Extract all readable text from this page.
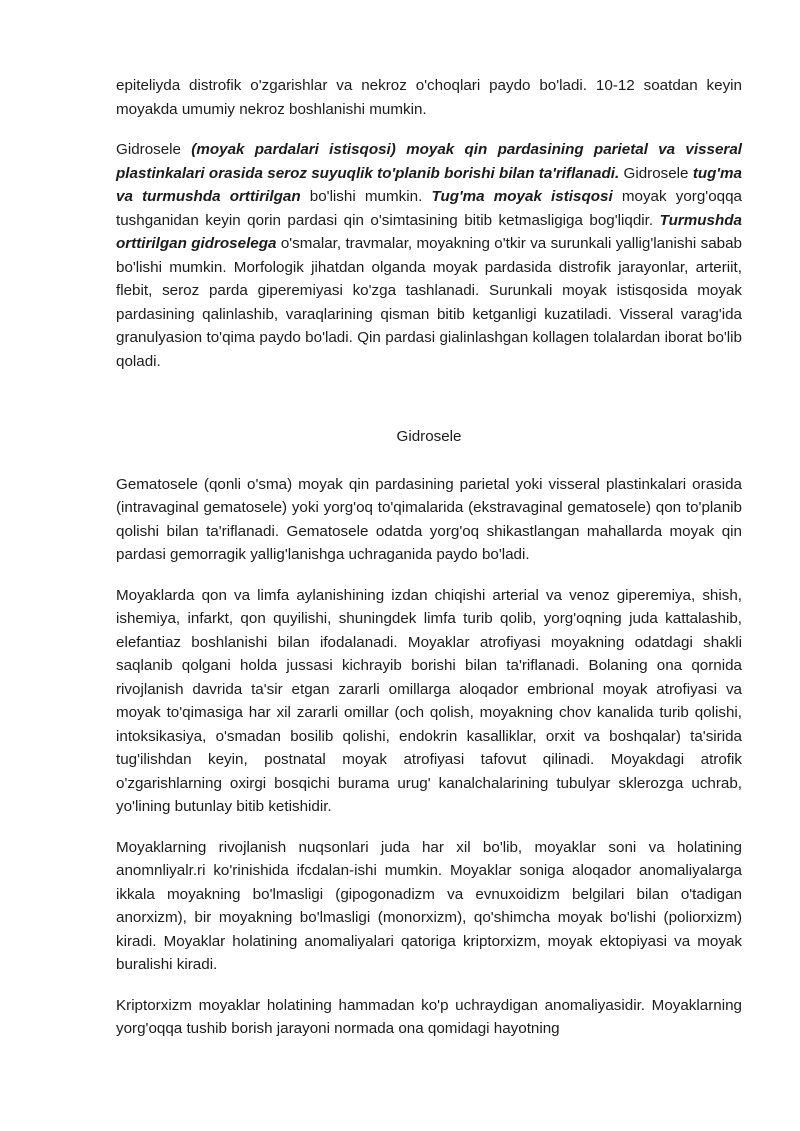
epiteliyda distrofik o'zgarishlar va nekroz o'choqlari paydo bo'ladi. 10-12 soatdan keyin moyakda umumiy nekroz boshlanishi mumkin.

Gidrosele (moyak pardalari istisqosi) moyak qin pardasining parietal va visseral plastinkalari orasida seroz suyuqlik to'planib borishi bilan ta'riflanadi. Gidrosele tug'ma va turmushda orttirilgan bo'lishi mumkin. Tug'ma moyak istisqosi moyak yorg'oqqa tushganidan keyin qorin pardasi qin o'simtasining bitib ketmasligiga bog'liqdir. Turmushda orttirilgan gidroselega o'smalar, travmalar, moyakning o'tkir va surunkali yallig'lanishi sabab bo'lishi mumkin. Morfologik jihatdan olganda moyak pardasida distrofik jarayonlar, arteriit, flebit, seroz parda giperemiyasi ko'zga tashlanadi. Surunkali moyak istisqosida moyak pardasining qalinlashib, varaqlarining qisman bitib ketganligi kuzatiladi. Visseral varag'ida granulyasion to'qima paydo bo'ladi. Qin pardasi gialinlashgan kollagen tolalardan iborat bo'lib qoladi.

Gidrosele

Gematosele (qonli o'sma) moyak qin pardasining parietal yoki visseral plastinkalari orasida (intravaginal gematosele) yoki yorg'oq to'qimalarida (ekstravaginal gematosele) qon to'planib qolishi bilan ta'riflanadi. Gematosele odatda yorg'oq shikastlangan mahallarda moyak qin pardasi gemorragik yallig'lanishga uchraganida paydo bo'ladi.

Moyaklarda qon va limfa aylanishining izdan chiqishi arterial va venoz giperemiya, shish, ishemiya, infarkt, qon quyilishi, shuningdek limfa turib qolib, yorg'oqning juda kattalashib, elefantiaz boshlanishi bilan ifodalanadi. Moyaklar atrofiyasi moyakning odatdagi shakli saqlanib qolgani holda jussasi kichrayib borishi bilan ta'riflanadi. Bolaning ona qornida rivojlanish davrida ta'sir etgan zararli omillarga aloqador embrional moyak atrofiyasi va moyak to'qimasiga har xil zararli omillar (och qolish, moyakning chov kanalida turib qolishi, intoksikasiya, o'smadan bosilib qolishi, endokrin kasalliklar, orxit va boshqalar) ta'sirida tug'ilishdan keyin, postnatal moyak atrofiyasi tafovut qilinadi. Moyakdagi atrofik o'zgarishlarning oxirgi bosqichi burama urug' kanalchalarining tubulyar sklerozga uchrab, yo'lining butunlay bitib ketishidir.

Moyaklarning rivojlanish nuqsonlari juda har xil bo'lib, moyaklar soni va holatining anomnliyalr.ri ko'rinishida ifcdalan-ishi mumkin. Moyaklar soniga aloqador anomaliyalarga ikkala moyakning bo'lmasligi (gipogonadizm va evnuxoidizm belgilari bilan o'tadigan anorxizm), bir moyakning bo'lmasligi (monorxizm), qo'shimcha moyak bo'lishi (poliorxizm) kiradi. Moyaklar holatining anomaliyalari qatoriga kriptorxizm, moyak ektopiyasi va moyak buralishi kiradi.

Kriptorxizm moyaklar holatining hammadan ko'p uchraydigan anomaliyasidir. Moyaklarning yorg'oqqa tushib borish jarayoni normada ona qomidagi hayotning
